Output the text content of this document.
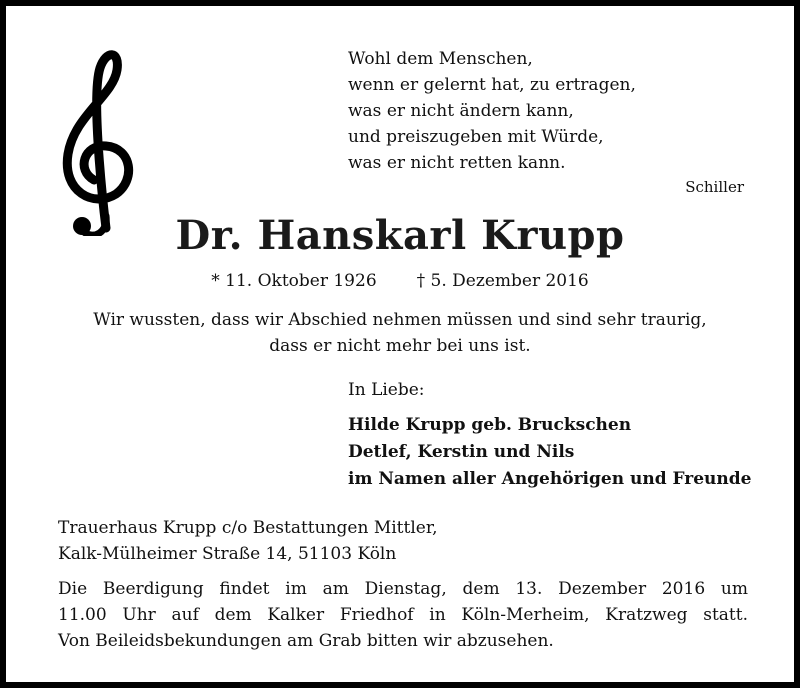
Wohl dem Menschen,
wenn er gelernt hat, zu ertragen,
was er nicht ändern kann,
und preiszugeben mit Würde,
was er nicht retten kann.
Schiller
Dr. Hanskarl Krupp
* 11. Oktober 1926 † 5. Dezember 2016
Wir wussten, dass wir Abschied nehmen müssen und sind sehr traurig,
dass er nicht mehr bei uns ist.
In Liebe:
Hilde Krupp geb. Bruckschen
Detlef, Kerstin und Nils
im Namen aller Angehörigen und Freunde
Trauerhaus Krupp c/o Bestattungen Mittler,
Kalk-Mülheimer Straße 14, 51103 Köln
Die Beerdigung findet im am Dienstag, dem 13. Dezember 2016 um
11.00 Uhr auf dem Kalker Friedhof in Köln-Merheim, Kratzweg statt.
Von Beileidsbekundungen am Grab bitten wir abzusehen.
